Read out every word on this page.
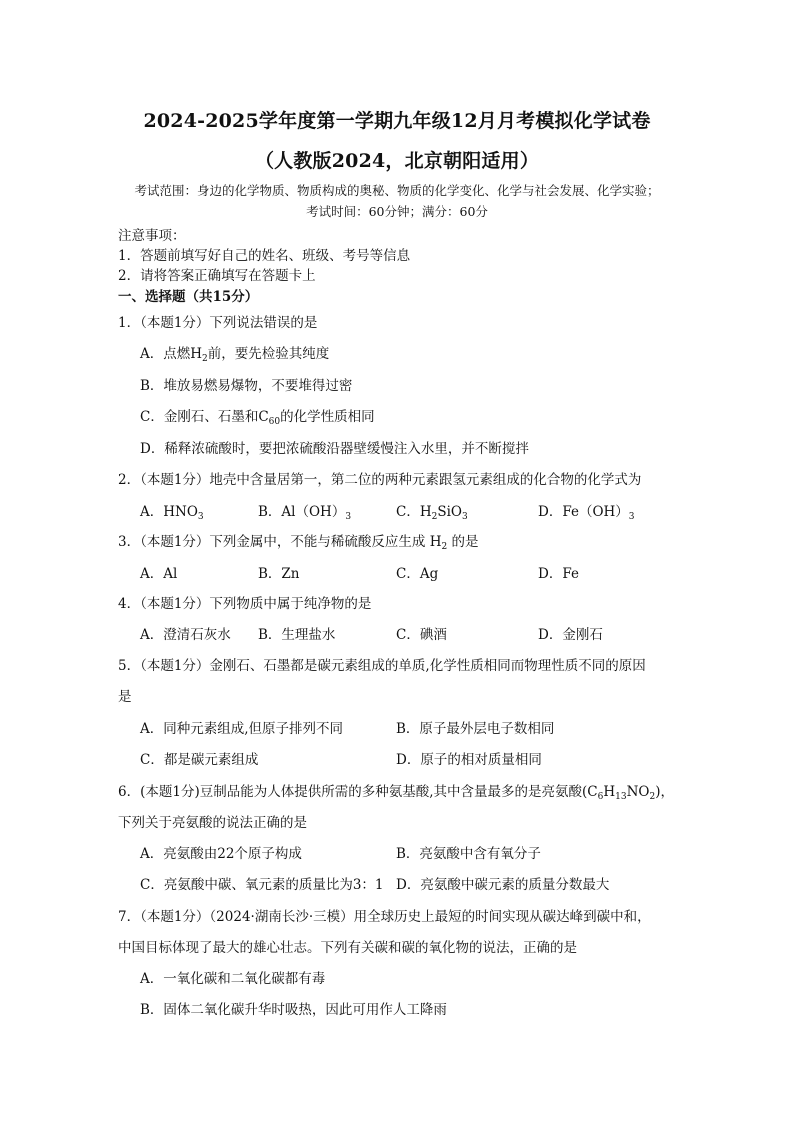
2024-2025学年度第一学期九年级12月月考模拟化学试卷
（人教版2024，北京朝阳适用）
考试范围：身边的化学物质、物质构成的奥秘、物质的化学变化、化学与社会发展、化学实验；
考试时间：60分钟；满分：60分
注意事项：
1．答题前填写好自己的姓名、班级、考号等信息
2．请将答案正确填写在答题卡上
一、选择题（共15分）
1．（本题1分）下列说法错误的是
A．点燃$H_2$前，要先检验其纯度
B．堆放易燃易爆物，不要堆得过密
C．金刚石、石墨和$C_{60}$的化学性质相同
D．稀释浓硫酸时，要把浓硫酸沿器壁缓慢注入水里，并不断搅拌
2．（本题1分）地壳中含量居第一，第二位的两种元素跟氢元素组成的化合物的化学式为
A．$HNO_3$	B．$Al(OH)_3$	C．$H_2SiO_3$	D．$Fe(OH)_3$
3．（本题1分）下列金属中，不能与稀硫酸反应生成 $H_2$ 的是
A．Al	B．Zn	C．Ag	D．Fe
4．（本题1分）下列物质中属于纯净物的是
A．澄清石灰水 B．生理盐水	C．碘酒	D．金刚石
5．（本题1分）金刚石、石墨都是碳元素组成的单质,化学性质相同而物理性质不同的原因
是
A．同种元素组成,但原子排列不同	B．原子最外层电子数相同
C．都是碳元素组成	D．原子的相对质量相同
6．(本题1分)豆制品能为人体提供所需的多种氨基酸,其中含量最多的是亮氨酸$(C_6H_{13}NO_2)$，
下列关于亮氨酸的说法正确的是
A．亮氨酸由22个原子构成	B．亮氨酸中含有氧分子
C．亮氨酸中碳、氧元素的质量比为3：1 D．亮氨酸中碳元素的质量分数最大
7．（本题1分）（2024·湖南长沙·三模）用全球历史上最短的时间实现从碳达峰到碳中和，
中国目标体现了最大的雄心壮志。下列有关碳和碳的氧化物的说法，正确的是
A．一氧化碳和二氧化碳都有毒
B．固体二氧化碳升华时吸热，因此可用作人工降雨
